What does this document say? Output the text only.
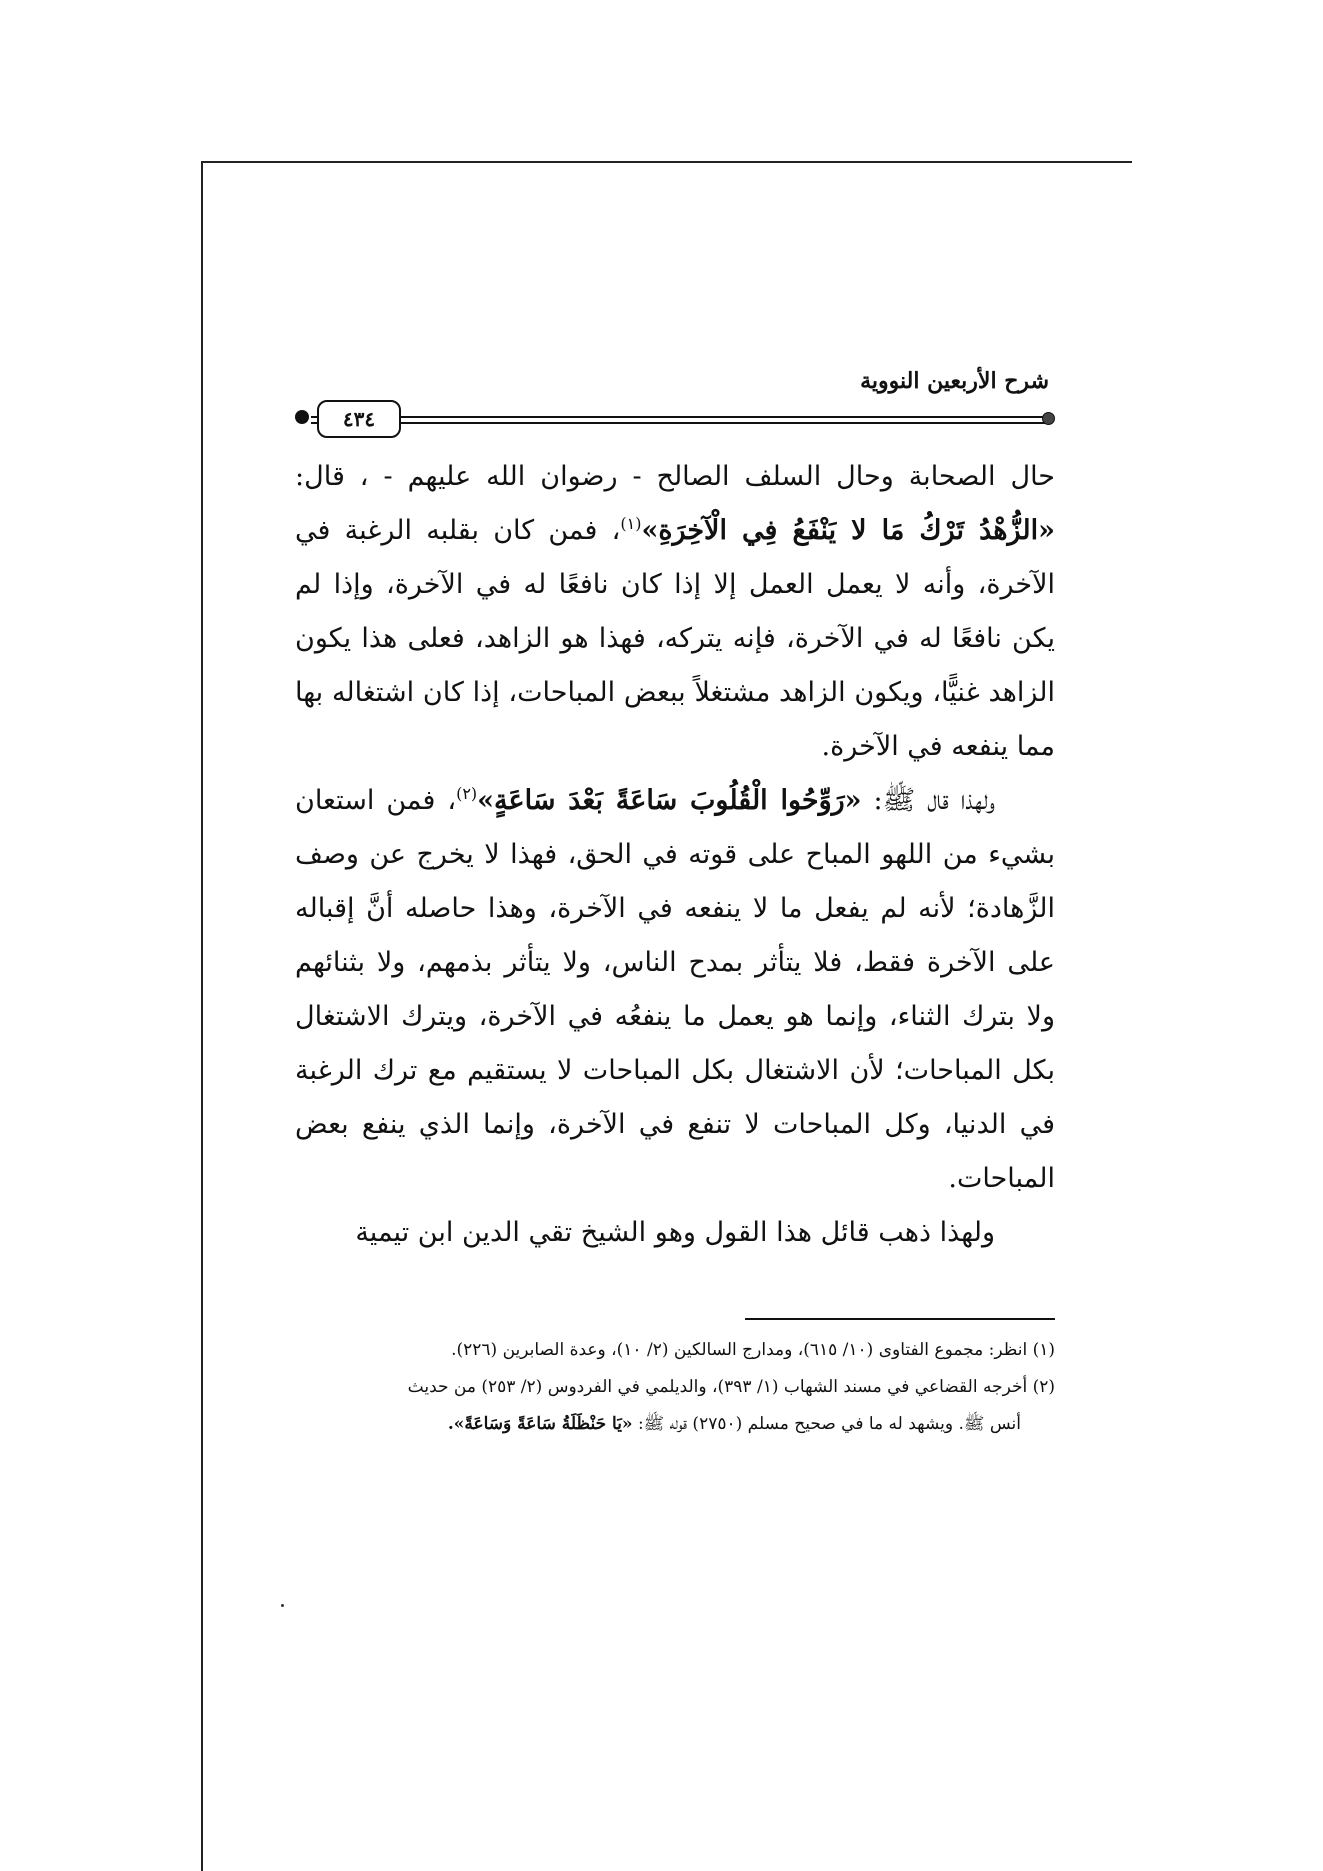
شرح الأربعين النووية
٤٣٤

حال الصحابة وحال السلف الصالح - رضوان الله عليهم - ، قال: «الزُّهْدُ تَرْكُ مَا لا يَنْفَعُ فِي الْآخِرَةِ»$^{(١)}$، فمن كان بقلبه الرغبة في الآخرة، وأنه لا يعمل العمل إلا إذا كان نافعًا له في الآخرة، وإذا لم يكن نافعًا له في الآخرة، فإنه يتركه، فهذا هو الزاهد، فعلى هذا يكون الزاهد غنيًّا، ويكون الزاهد مشتغلاً ببعض المباحات، إذا كان اشتغاله بها مما ينفعه في الآخرة.

ولهذا قال ﷺ: «رَوِّحُوا الْقُلُوبَ سَاعَةً بَعْدَ سَاعَةٍ»$^{(٢)}$، فمن استعان بشيء من اللهو المباح على قوته في الحق، فهذا لا يخرج عن وصف الزَّهادة؛ لأنه لم يفعل ما لا ينفعه في الآخرة، وهذا حاصله أنَّ إقباله على الآخرة فقط، فلا يتأثر بمدح الناس، ولا يتأثر بذمهم، ولا بثنائهم ولا بترك الثناء، وإنما هو يعمل ما ينفعُه في الآخرة، ويترك الاشتغال بكل المباحات؛ لأن الاشتغال بكل المباحات لا يستقيم مع ترك الرغبة في الدنيا، وكل المباحات لا تنفع في الآخرة، وإنما الذي ينفع بعض المباحات.

ولهذا ذهب قائل هذا القول وهو الشيخ تقي الدين ابن تيمية

(١) انظر: مجموع الفتاوى (١٠/ ٦١٥)، ومدارج السالكين (٢/ ١٠)، وعدة الصابرين (٢٢٦).

(٢) أخرجه القضاعي في مسند الشهاب (١/ ٣٩٣)، والديلمي في الفردوس (٢/ ٢٥٣) من حديث

أنس ﷺ. ويشهد له ما في صحيح مسلم (٢٧٥٠) قوله ﷺ: «يَا حَنْظَلَةُ سَاعَةً وَسَاعَةً».
